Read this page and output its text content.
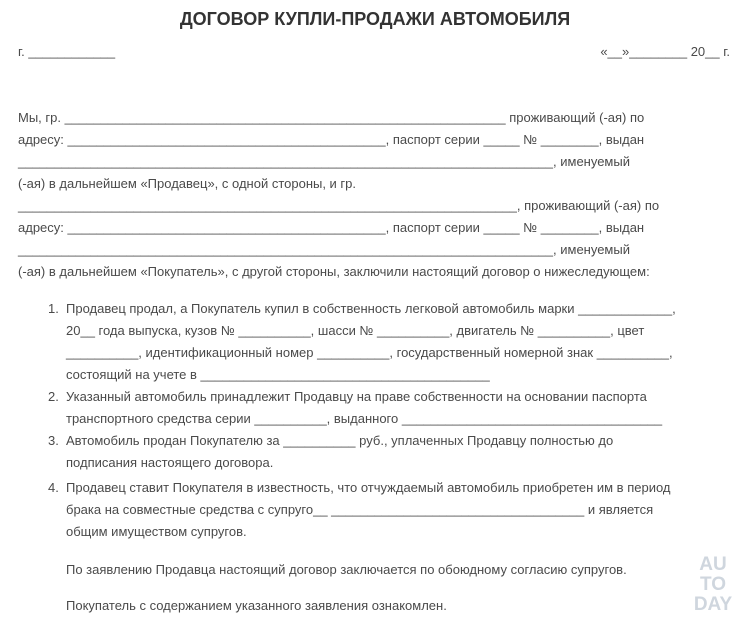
ДОГОВОР КУПЛИ-ПРОДАЖИ АВТОМОБИЛЯ
г. ____________	«__»________ 20__ г.
Мы, гр. _____________________________________________________________ проживающий (-ая) по
адресу: ____________________________________________, паспорт серии _____ № ________, выдан
__________________________________________________________________________, именуемый
(-ая) в дальнейшем «Продавец», с одной стороны, и гр.
_____________________________________________________________________, проживающий (-ая) по
адресу: ____________________________________________, паспорт серии _____ № ________, выдан
__________________________________________________________________________, именуемый
(-ая) в дальнейшем «Покупатель», с другой стороны, заключили настоящий договор о нижеследующем:
1. Продавец продал, а Покупатель купил в собственность легковой автомобиль марки _____________,
20__ года выпуска, кузов № __________, шасси № __________, двигатель № __________, цвет
__________, идентификационный номер __________, государственный номерной знак __________,
состоящий на учете в ________________________________________
2. Указанный автомобиль принадлежит Продавцу на праве собственности на основании паспорта
транспортного средства серии __________, выданного ____________________________________
3. Автомобиль продан Покупателю за __________ руб., уплаченных Продавцу полностью до
подписания настоящего договора.
4. Продавец ставит Покупателя в известность, что отчуждаемый автомобиль приобретен им в период
брака на совместные средства с супруго__ ___________________________________ и является
общим имуществом супругов.
По заявлению Продавца настоящий договор заключается по обоюдному согласию супругов.
Покупатель с содержанием указанного заявления ознакомлен.
AU
TO
DAY
